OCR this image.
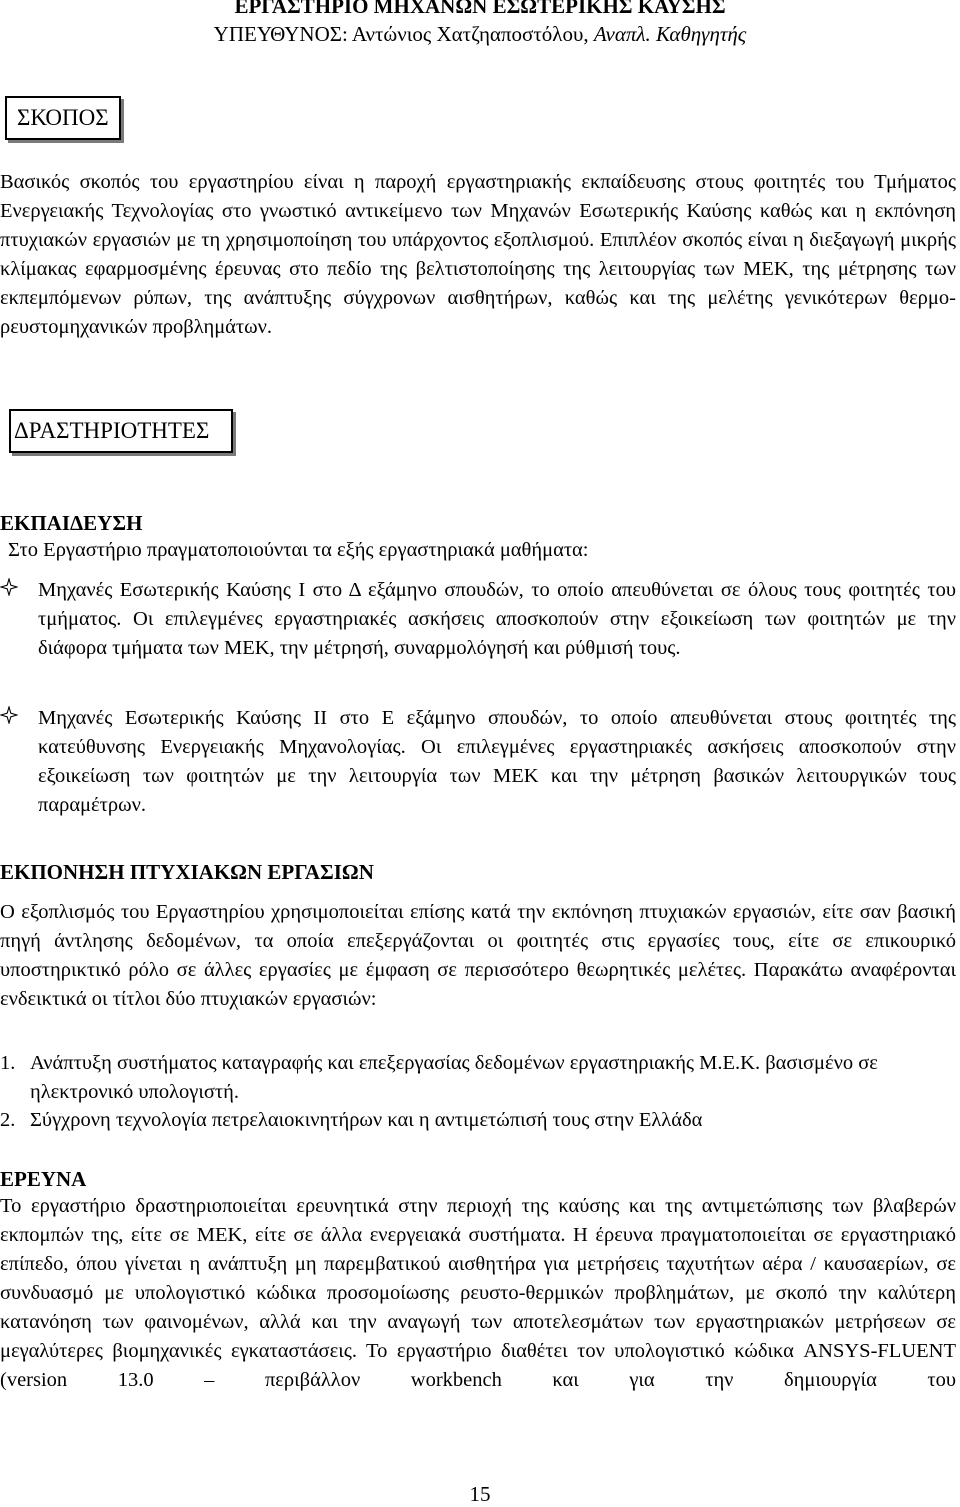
ΕΡΓΑΣΤΗΡΙΟ ΜΗΧΑΝΩΝ ΕΣΩΤΕΡΙΚΗΣ ΚΑΥΣΗΣ
ΥΠΕΥΘΥΝΟΣ: Αντώνιος Χατζηαποστόλου, Αναπλ. Καθηγητής
ΣΚΟΠΟΣ

Βασικός σκοπός του εργαστηρίου είναι η παροχή εργαστηριακής εκπαίδευσης στους φοιτητές του Τμήματος Ενεργειακής Τεχνολογίας στο γνωστικό αντικείμενο των Μηχανών Εσωτερικής Καύσης καθώς και η εκπόνηση πτυχιακών εργασιών με τη χρησιμοποίηση του υπάρχοντος εξοπλισμού. Επιπλέον σκοπός είναι η διεξαγωγή μικρής κλίμακας εφαρμοσμένης έρευνας στο πεδίο της βελτιστοποίησης της λειτουργίας των ΜΕΚ, της μέτρησης των εκπεμπόμενων ρύπων, της ανάπτυξης σύγχρονων αισθητήρων, καθώς και της μελέτης γενικότερων θερμο-ρευστομηχανικών προβλημάτων.

ΔΡΑΣΤΗΡΙΟΤΗΤΕΣ
ΕΚΠΑΙΔΕΥΣΗ
Στο Εργαστήριο πραγματοποιούνται τα εξής εργαστηριακά μαθήματα:
Μηχανές Εσωτερικής Καύσης Ι στο Δ εξάμηνο σπουδών, το οποίο απευθύνεται σε όλους τους φοιτητές του τμήματος. Οι επιλεγμένες εργαστηριακές ασκήσεις αποσκοπούν στην εξοικείωση των φοιτητών με την διάφορα τμήματα των ΜΕΚ, την μέτρησή, συναρμολόγησή και ρύθμισή τους.
Μηχανές Εσωτερικής Καύσης ΙΙ στο Ε εξάμηνο σπουδών, το οποίο απευθύνεται στους φοιτητές της κατεύθυνσης Ενεργειακής Μηχανολογίας. Οι επιλεγμένες εργαστηριακές ασκήσεις αποσκοπούν στην εξοικείωση των φοιτητών με την λειτουργία των ΜΕΚ και την μέτρηση βασικών λειτουργικών τους παραμέτρων.
ΕΚΠΟΝΗΣΗ ΠΤΥΧΙΑΚΩΝ ΕΡΓΑΣΙΩΝ

Ο εξοπλισμός του Εργαστηρίου χρησιμοποιείται επίσης κατά την εκπόνηση πτυχιακών εργασιών, είτε σαν βασική πηγή άντλησης δεδομένων, τα οποία επεξεργάζονται οι φοιτητές στις εργασίες τους, είτε σε επικουρικό υποστηρικτικό ρόλο σε άλλες εργασίες με έμφαση σε περισσότερο θεωρητικές μελέτες. Παρακάτω αναφέρονται ενδεικτικά οι τίτλοι δύο πτυχιακών εργασιών:

1. Ανάπτυξη συστήματος καταγραφής και επεξεργασίας δεδομένων εργαστηριακής Μ.Ε.Κ. βασισμένο σε ηλεκτρονικό υπολογιστή.
2. Σύγχρονη τεχνολογία πετρελαιοκινητήρων και η αντιμετώπισή τους στην Ελλάδα
ΕΡΕΥΝΑ

Το εργαστήριο δραστηριοποιείται ερευνητικά στην περιοχή της καύσης και της αντιμετώπισης των βλαβερών εκπομπών της, είτε σε ΜΕΚ, είτε σε άλλα ενεργειακά συστήματα. Η έρευνα πραγματοποιείται σε εργαστηριακό επίπεδο, όπου γίνεται η ανάπτυξη μη παρεμβατικού αισθητήρα για μετρήσεις ταχυτήτων αέρα / καυσαερίων, σε συνδυασμό με υπολογιστικό κώδικα προσομοίωσης ρευστο-θερμικών προβλημάτων, με σκοπό την καλύτερη κατανόηση των φαινομένων, αλλά και την αναγωγή των αποτελεσμάτων των εργαστηριακών μετρήσεων σε μεγαλύτερες βιομηχανικές εγκαταστάσεις. Το εργαστήριο διαθέτει τον υπολογιστικό κώδικα ANSYS-FLUENT (version 13.0 – περιβάλλον workbench και για την δημιουργία του

15
